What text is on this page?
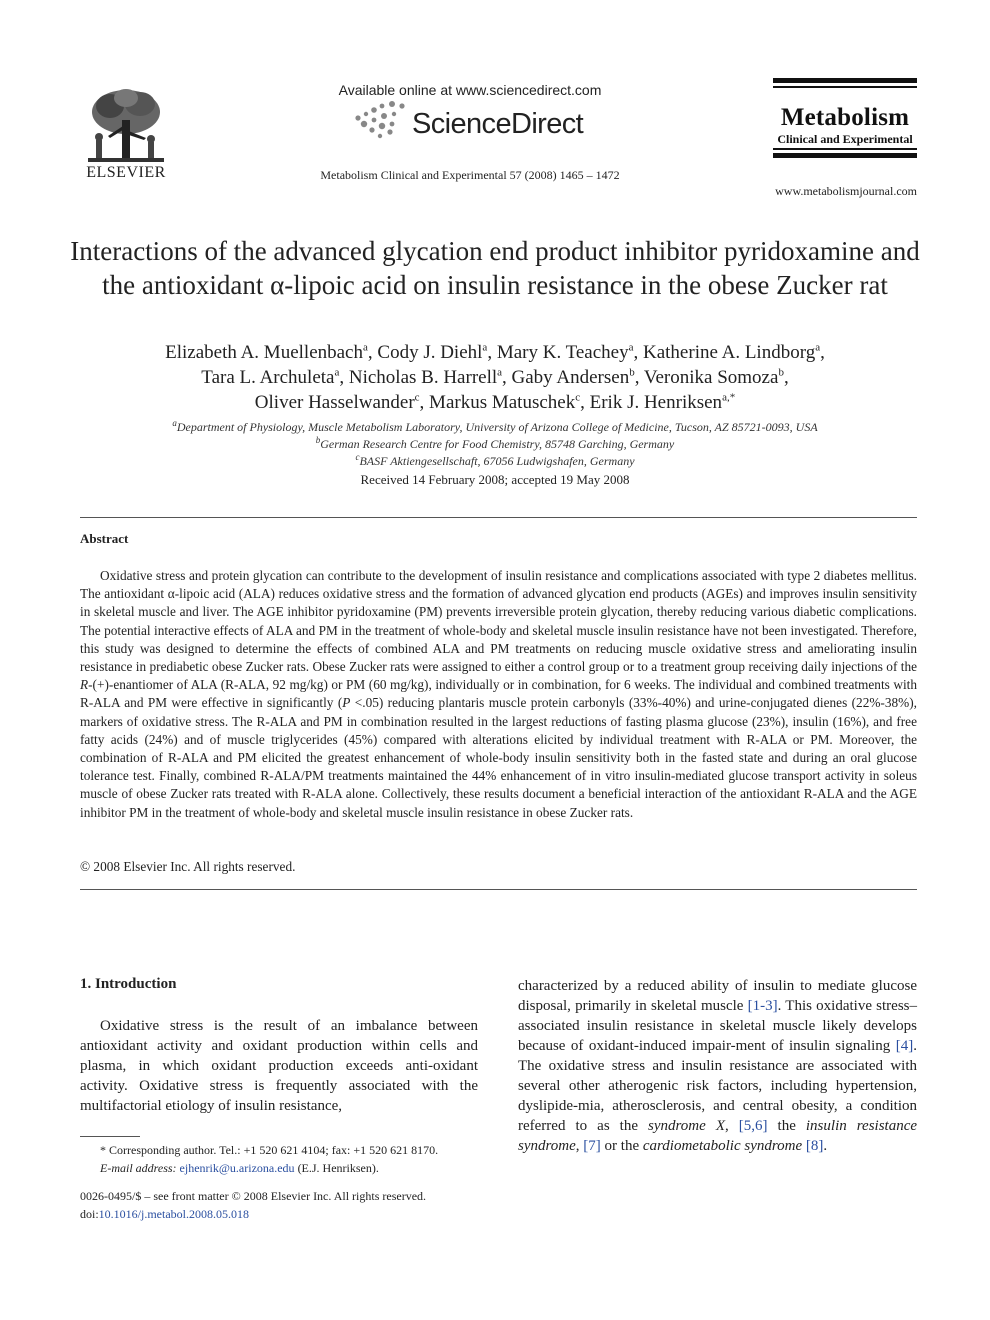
ELSEVIER
Available online at www.sciencedirect.com
ScienceDirect
Metabolism Clinical and Experimental 57 (2008) 1465 – 1472
Metabolism
Clinical and Experimental
www.metabolismjournal.com
Interactions of the advanced glycation end product inhibitor pyridoxamine and the antioxidant α-lipoic acid on insulin resistance in the obese Zucker rat
Elizabeth A. Muellenbach$^a$, Cody J. Diehl$^a$, Mary K. Teachey$^a$, Katherine A. Lindborg$^a$,
Tara L. Archuleta$^a$, Nicholas B. Harrell$^a$, Gaby Andersen$^b$, Veronika Somoza$^b$,
Oliver Hasselwander$^c$, Markus Matuschek$^c$, Erik J. Henriksen$^{a,*}$
$^a$Department of Physiology, Muscle Metabolism Laboratory, University of Arizona College of Medicine, Tucson, AZ 85721-0093, USA
$^b$German Research Centre for Food Chemistry, 85748 Garching, Germany
$^c$BASF Aktiengesellschaft, 67056 Ludwigshafen, Germany
Received 14 February 2008; accepted 19 May 2008
Abstract

Oxidative stress and protein glycation can contribute to the development of insulin resistance and complications associated with type 2 diabetes mellitus. The antioxidant α-lipoic acid (ALA) reduces oxidative stress and the formation of advanced glycation end products (AGEs) and improves insulin sensitivity in skeletal muscle and liver. The AGE inhibitor pyridoxamine (PM) prevents irreversible protein glycation, thereby reducing various diabetic complications. The potential interactive effects of ALA and PM in the treatment of whole-body and skeletal muscle insulin resistance have not been investigated. Therefore, this study was designed to determine the effects of combined ALA and PM treatments on reducing muscle oxidative stress and ameliorating insulin resistance in prediabetic obese Zucker rats. Obese Zucker rats were assigned to either a control group or to a treatment group receiving daily injections of the R-(+)-enantiomer of ALA (R-ALA, 92 mg/kg) or PM (60 mg/kg), individually or in combination, for 6 weeks. The individual and combined treatments with R-ALA and PM were effective in significantly (P <.05) reducing plantaris muscle protein carbonyls (33%-40%) and urine-conjugated dienes (22%-38%), markers of oxidative stress. The R-ALA and PM in combination resulted in the largest reductions of fasting plasma glucose (23%), insulin (16%), and free fatty acids (24%) and of muscle triglycerides (45%) compared with alterations elicited by individual treatment with R-ALA or PM. Moreover, the combination of R-ALA and PM elicited the greatest enhancement of whole-body insulin sensitivity both in the fasted state and during an oral glucose tolerance test. Finally, combined R-ALA/PM treatments maintained the 44% enhancement of in vitro insulin-mediated glucose transport activity in soleus muscle of obese Zucker rats treated with R-ALA alone. Collectively, these results document a beneficial interaction of the antioxidant R-ALA and the AGE inhibitor PM in the treatment of whole-body and skeletal muscle insulin resistance in obese Zucker rats.

© 2008 Elsevier Inc. All rights reserved.
1. Introduction

Oxidative stress is the result of an imbalance between antioxidant activity and oxidant production within cells and plasma, in which oxidant production exceeds anti-oxidant activity. Oxidative stress is frequently associated with the multifactorial etiology of insulin resistance,

characterized by a reduced ability of insulin to mediate glucose disposal, primarily in skeletal muscle [1-3]. This oxidative stress–associated insulin resistance in skeletal muscle likely develops because of oxidant-induced impair-ment of insulin signaling [4]. The oxidative stress and insulin resistance are associated with several other atherogenic risk factors, including hypertension, dyslipide-mia, atherosclerosis, and central obesity, a condition referred to as the syndrome X, [5,6] the insulin resistance syndrome, [7] or the cardiometabolic syndrome [8].

* Corresponding author. Tel.: +1 520 621 4104; fax: +1 520 621 8170.
E-mail address: ejhenrik@u.arizona.edu (E.J. Henriksen).
0026-0495/$ – see front matter © 2008 Elsevier Inc. All rights reserved.
doi:10.1016/j.metabol.2008.05.018
